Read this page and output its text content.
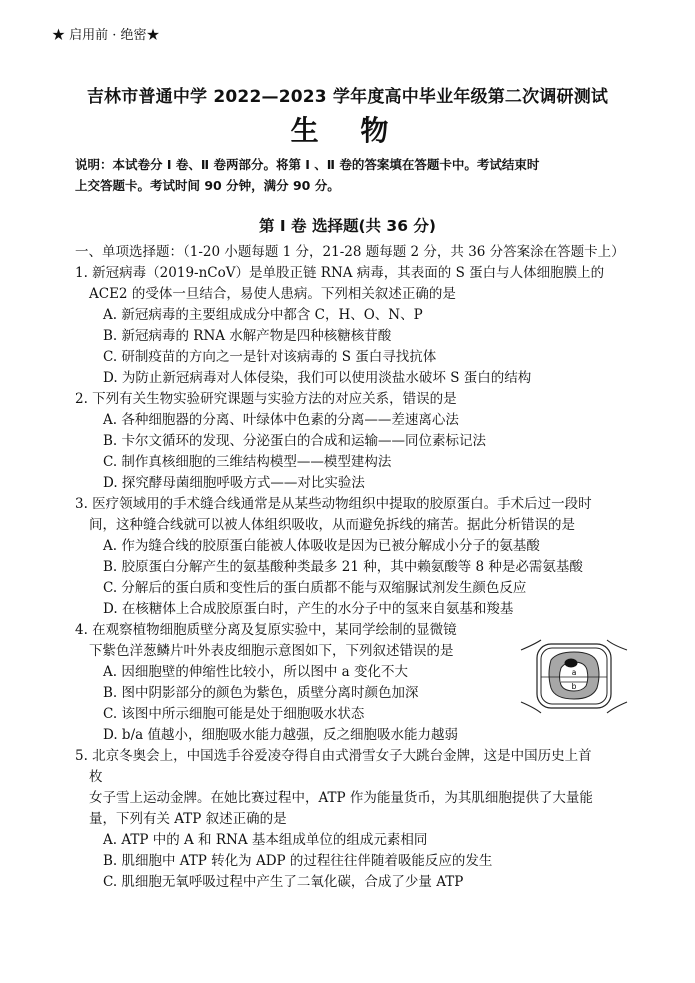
★ 启用前 · 绝密★
吉林市普通中学 2022—2023 学年度高中毕业年级第二次调研测试
生 物
说明：本试卷分 Ⅰ 卷、Ⅱ 卷两部分。将第 Ⅰ 、Ⅱ 卷的答案填在答题卡中。考试结束时
上交答题卡。考试时间 90 分钟，满分 90 分。
第 Ⅰ 卷 选择题(共 36 分)
一、单项选择题：（1-20 小题每题 1 分，21-28 题每题 2 分，共 36 分答案涂在答题卡上）
1. 新冠病毒（2019-nCoV）是单股正链 RNA 病毒，其表面的 S 蛋白与人体细胞膜上的
ACE2 的受体一旦结合，易使人患病。下列相关叙述正确的是
A. 新冠病毒的主要组成成分中都含 C，H、O、N、P
B. 新冠病毒的 RNA 水解产物是四种核糖核苷酸
C. 研制疫苗的方向之一是针对该病毒的 S 蛋白寻找抗体
D. 为防止新冠病毒对人体侵染，我们可以使用淡盐水破坏 S 蛋白的结构
2. 下列有关生物实验研究课题与实验方法的对应关系，错误的是
A. 各种细胞器的分离、叶绿体中色素的分离——差速离心法
B. 卡尔文循环的发现、分泌蛋白的合成和运输——同位素标记法
C. 制作真核细胞的三维结构模型——模型建构法
D. 探究酵母菌细胞呼吸方式——对比实验法
3. 医疗领域用的手术缝合线通常是从某些动物组织中提取的胶原蛋白。手术后过一段时
间，这种缝合线就可以被人体组织吸收，从而避免拆线的痛苦。据此分析错误的是
A. 作为缝合线的胶原蛋白能被人体吸收是因为已被分解成小分子的氨基酸
B. 胶原蛋白分解产生的氨基酸种类最多 21 种，其中赖氨酸等 8 种是必需氨基酸
C. 分解后的蛋白质和变性后的蛋白质都不能与双缩脲试剂发生颜色反应
D. 在核糖体上合成胶原蛋白时，产生的水分子中的氢来自氨基和羧基
4. 在观察植物细胞质壁分离及复原实验中，某同学绘制的显微镜
下紫色洋葱鳞片叶外表皮细胞示意图如下，下列叙述错误的是
A. 因细胞壁的伸缩性比较小，所以图中 a 变化不大
B. 图中阴影部分的颜色为紫色，质壁分离时颜色加深
C. 该图中所示细胞可能是处于细胞吸水状态
D. b/a 值越小，细胞吸水能力越强，反之细胞吸水能力越弱
a
b
5. 北京冬奥会上，中国选手谷爱凌夺得自由式滑雪女子大跳台金牌，这是中国历史上首
枚
女子雪上运动金牌。在她比赛过程中，ATP 作为能量货币，为其肌细胞提供了大量能
量，下列有关 ATP 叙述正确的是
A. ATP 中的 A 和 RNA 基本组成单位的组成元素相同
B. 肌细胞中 ATP 转化为 ADP 的过程往往伴随着吸能反应的发生
C. 肌细胞无氧呼吸过程中产生了二氧化碳，合成了少量 ATP
